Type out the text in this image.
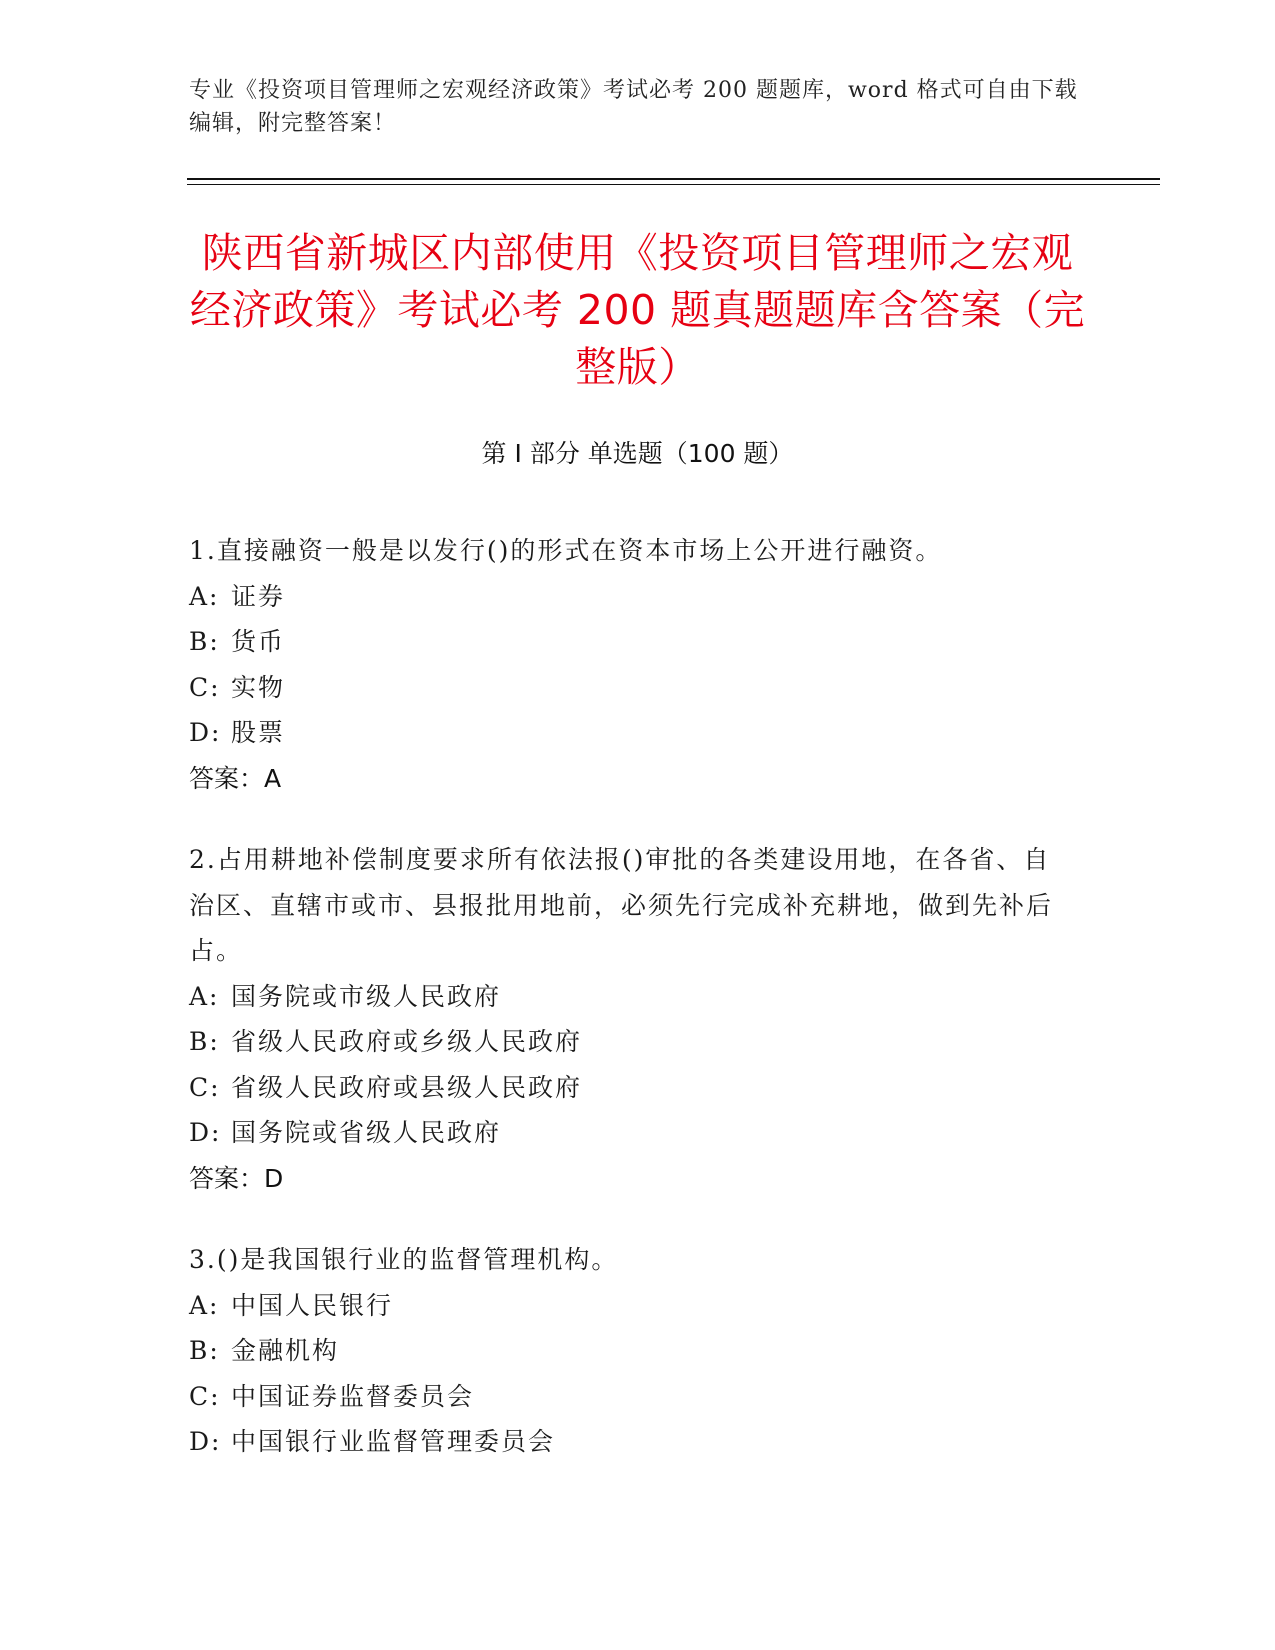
专业《投资项目管理师之宏观经济政策》考试必考 200 题题库，word 格式可自由下载编辑，附完整答案！
陕西省新城区内部使用《投资项目管理师之宏观经济政策》考试必考 200 题真题题库含答案（完整版）
第 I 部分 单选题（100 题）

1.直接融资一般是以发行()的形式在资本市场上公开进行融资。

A: 证券

B: 货币

C: 实物

D: 股票

答案：A

2.占用耕地补偿制度要求所有依法报()审批的各类建设用地，在各省、自治区、直辖市或市、县报批用地前，必须先行完成补充耕地，做到先补后占。

A: 国务院或市级人民政府

B: 省级人民政府或乡级人民政府

C: 省级人民政府或县级人民政府

D: 国务院或省级人民政府

答案：D

3.()是我国银行业的监督管理机构。

A: 中国人民银行

B: 金融机构

C: 中国证券监督委员会

D: 中国银行业监督管理委员会
